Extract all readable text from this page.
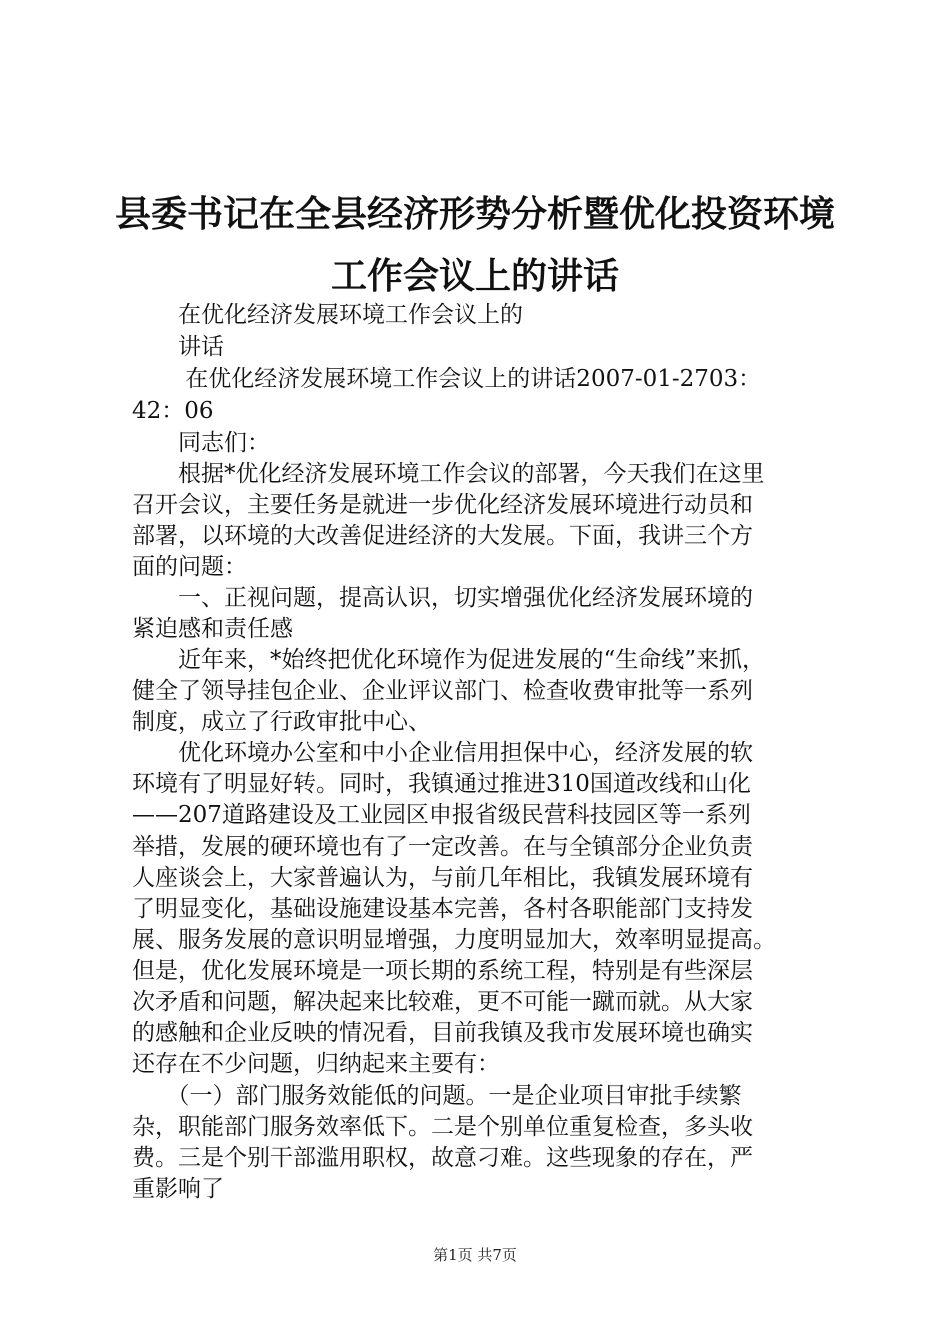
县委书记在全县经济形势分析暨优化投资环境
工作会议上的讲话
　　在优化经济发展环境工作会议上的
　　讲话
　　 在优化经济发展环境工作会议上的讲话2007-01-2703：
42：06
　　同志们：
　　根据*优化经济发展环境工作会议的部署，今天我们在这里
召开会议，主要任务是就进一步优化经济发展环境进行动员和
部署，以环境的大改善促进经济的大发展。下面，我讲三个方
面的问题：
　　一、正视问题，提高认识，切实增强优化经济发展环境的
紧迫感和责任感
　　近年来，*始终把优化环境作为促进发展的“生命线”来抓，
健全了领导挂包企业、企业评议部门、检查收费审批等一系列
制度，成立了行政审批中心、
　　优化环境办公室和中小企业信用担保中心，经济发展的软
环境有了明显好转。同时，我镇通过推进310国道改线和山化
——207道路建设及工业园区申报省级民营科技园区等一系列
举措，发展的硬环境也有了一定改善。在与全镇部分企业负责
人座谈会上，大家普遍认为，与前几年相比，我镇发展环境有
了明显变化，基础设施建设基本完善，各村各职能部门支持发
展、服务发展的意识明显增强，力度明显加大，效率明显提高。
但是，优化发展环境是一项长期的系统工程，特别是有些深层
次矛盾和问题，解决起来比较难，更不可能一蹴而就。从大家
的感触和企业反映的情况看，目前我镇及我市发展环境也确实
还存在不少问题，归纳起来主要有：
　　（一）部门服务效能低的问题。一是企业项目审批手续繁
杂，职能部门服务效率低下。二是个别单位重复检查，多头收
费。三是个别干部滥用职权，故意刁难。这些现象的存在，严
重影响了
第1页 共7页
